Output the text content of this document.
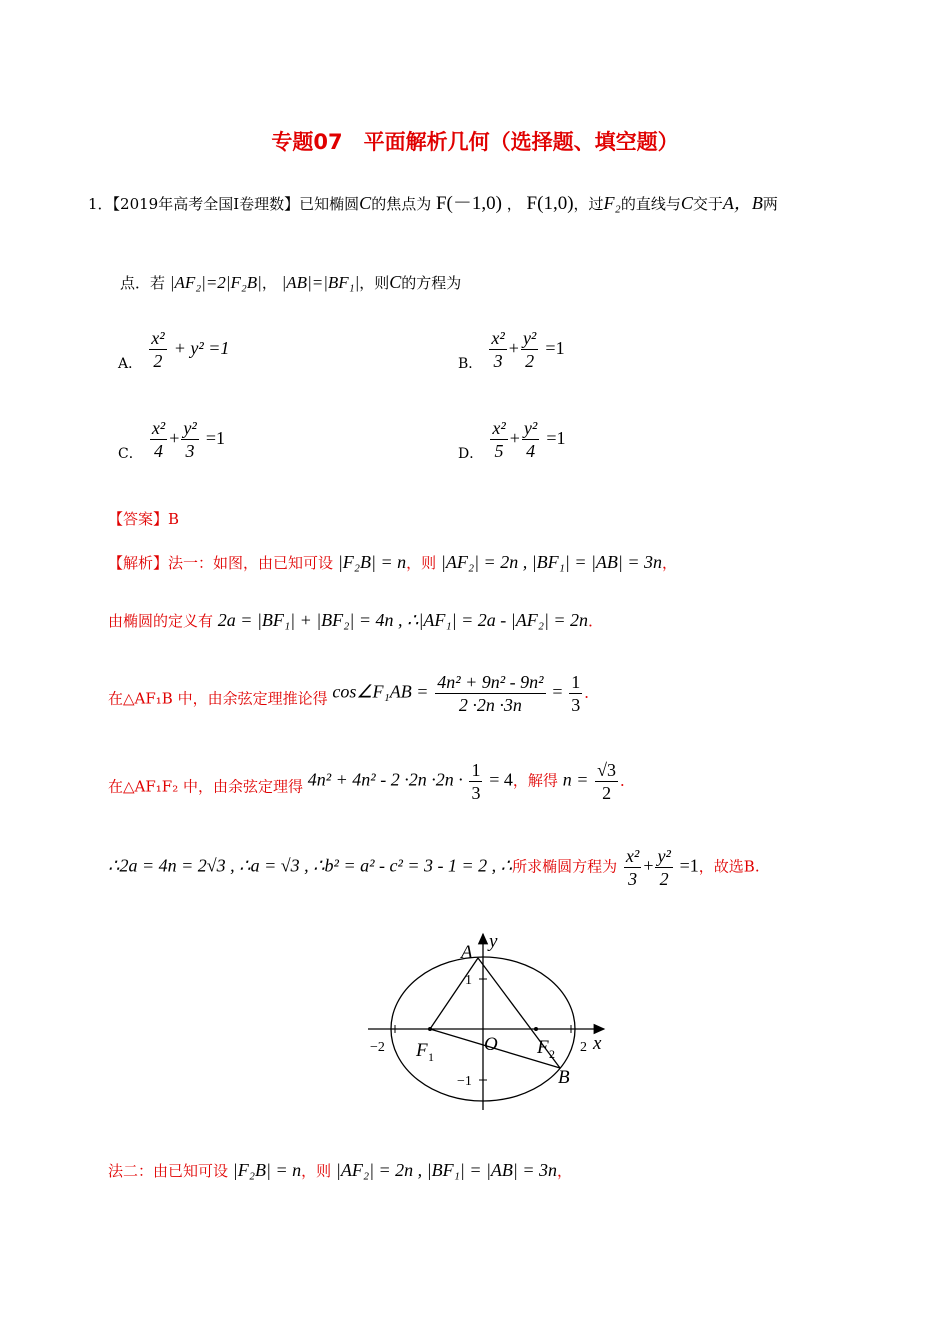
专题07　平面解析几何（选择题、填空题）
1．【2019年高考全国Ⅰ卷理数】已知椭圆C的焦点为 F(－1,0) ， F(1,0)，过F₂的直线与C交于A，B两
点．若 |AF₂|=2|F₂B|， |AB|=|BF₁|，则C的方程为
A． $\frac{\text{x²}}{2} + y^2 =1$
B． $\frac{\text{x²}}{3} + \frac{\text{y²}}{2} =1$
C． $\frac{\text{x²}}{4} + \frac{\text{y²}}{3} =1$
D． $\frac{\text{x²}}{5} + \frac{\text{y²}}{4} =1$
【答案】B
【解析】法一：如图，由已知可设 |F₂B| = n，则 |AF₂| = 2n , |BF₁| = |AB| = 3n，
由椭圆的定义有 2a = |BF₁| + |BF₂| = 4n , ∴|AF₁| = 2a - |AF₂| = 2n．
在△AF₁B 中，由余弦定理推论得 cos∠F₁AB = $\frac{\text{4n² + 9n² - 9n²}}{2 \cdot 2n \cdot 3n} = \frac{1}{3}$ ．
在△AF₁F₂ 中，由余弦定理得 $4n^2 + 4n^2 - 2 \cdot 2n \cdot 2n \cdot \frac{1}{3} = 4$，解得 $n = \frac{√3}{2}$ ．
∴2a = 4n = 2√3 , ∴a = √3 , ∴b² = a² - c² = 3 - 1 = 2 , ∴所求椭圆方程为 $\frac{\text{x²}}{3} + \frac{\text{y²}}{2} =1$，故选B.
A
y
x
O
F 1	F 2
B
−2	2
1
−1
法二：由已知可设 |F₂B| = n，则 |AF₂| = 2n , |BF₁| = |AB| = 3n，
